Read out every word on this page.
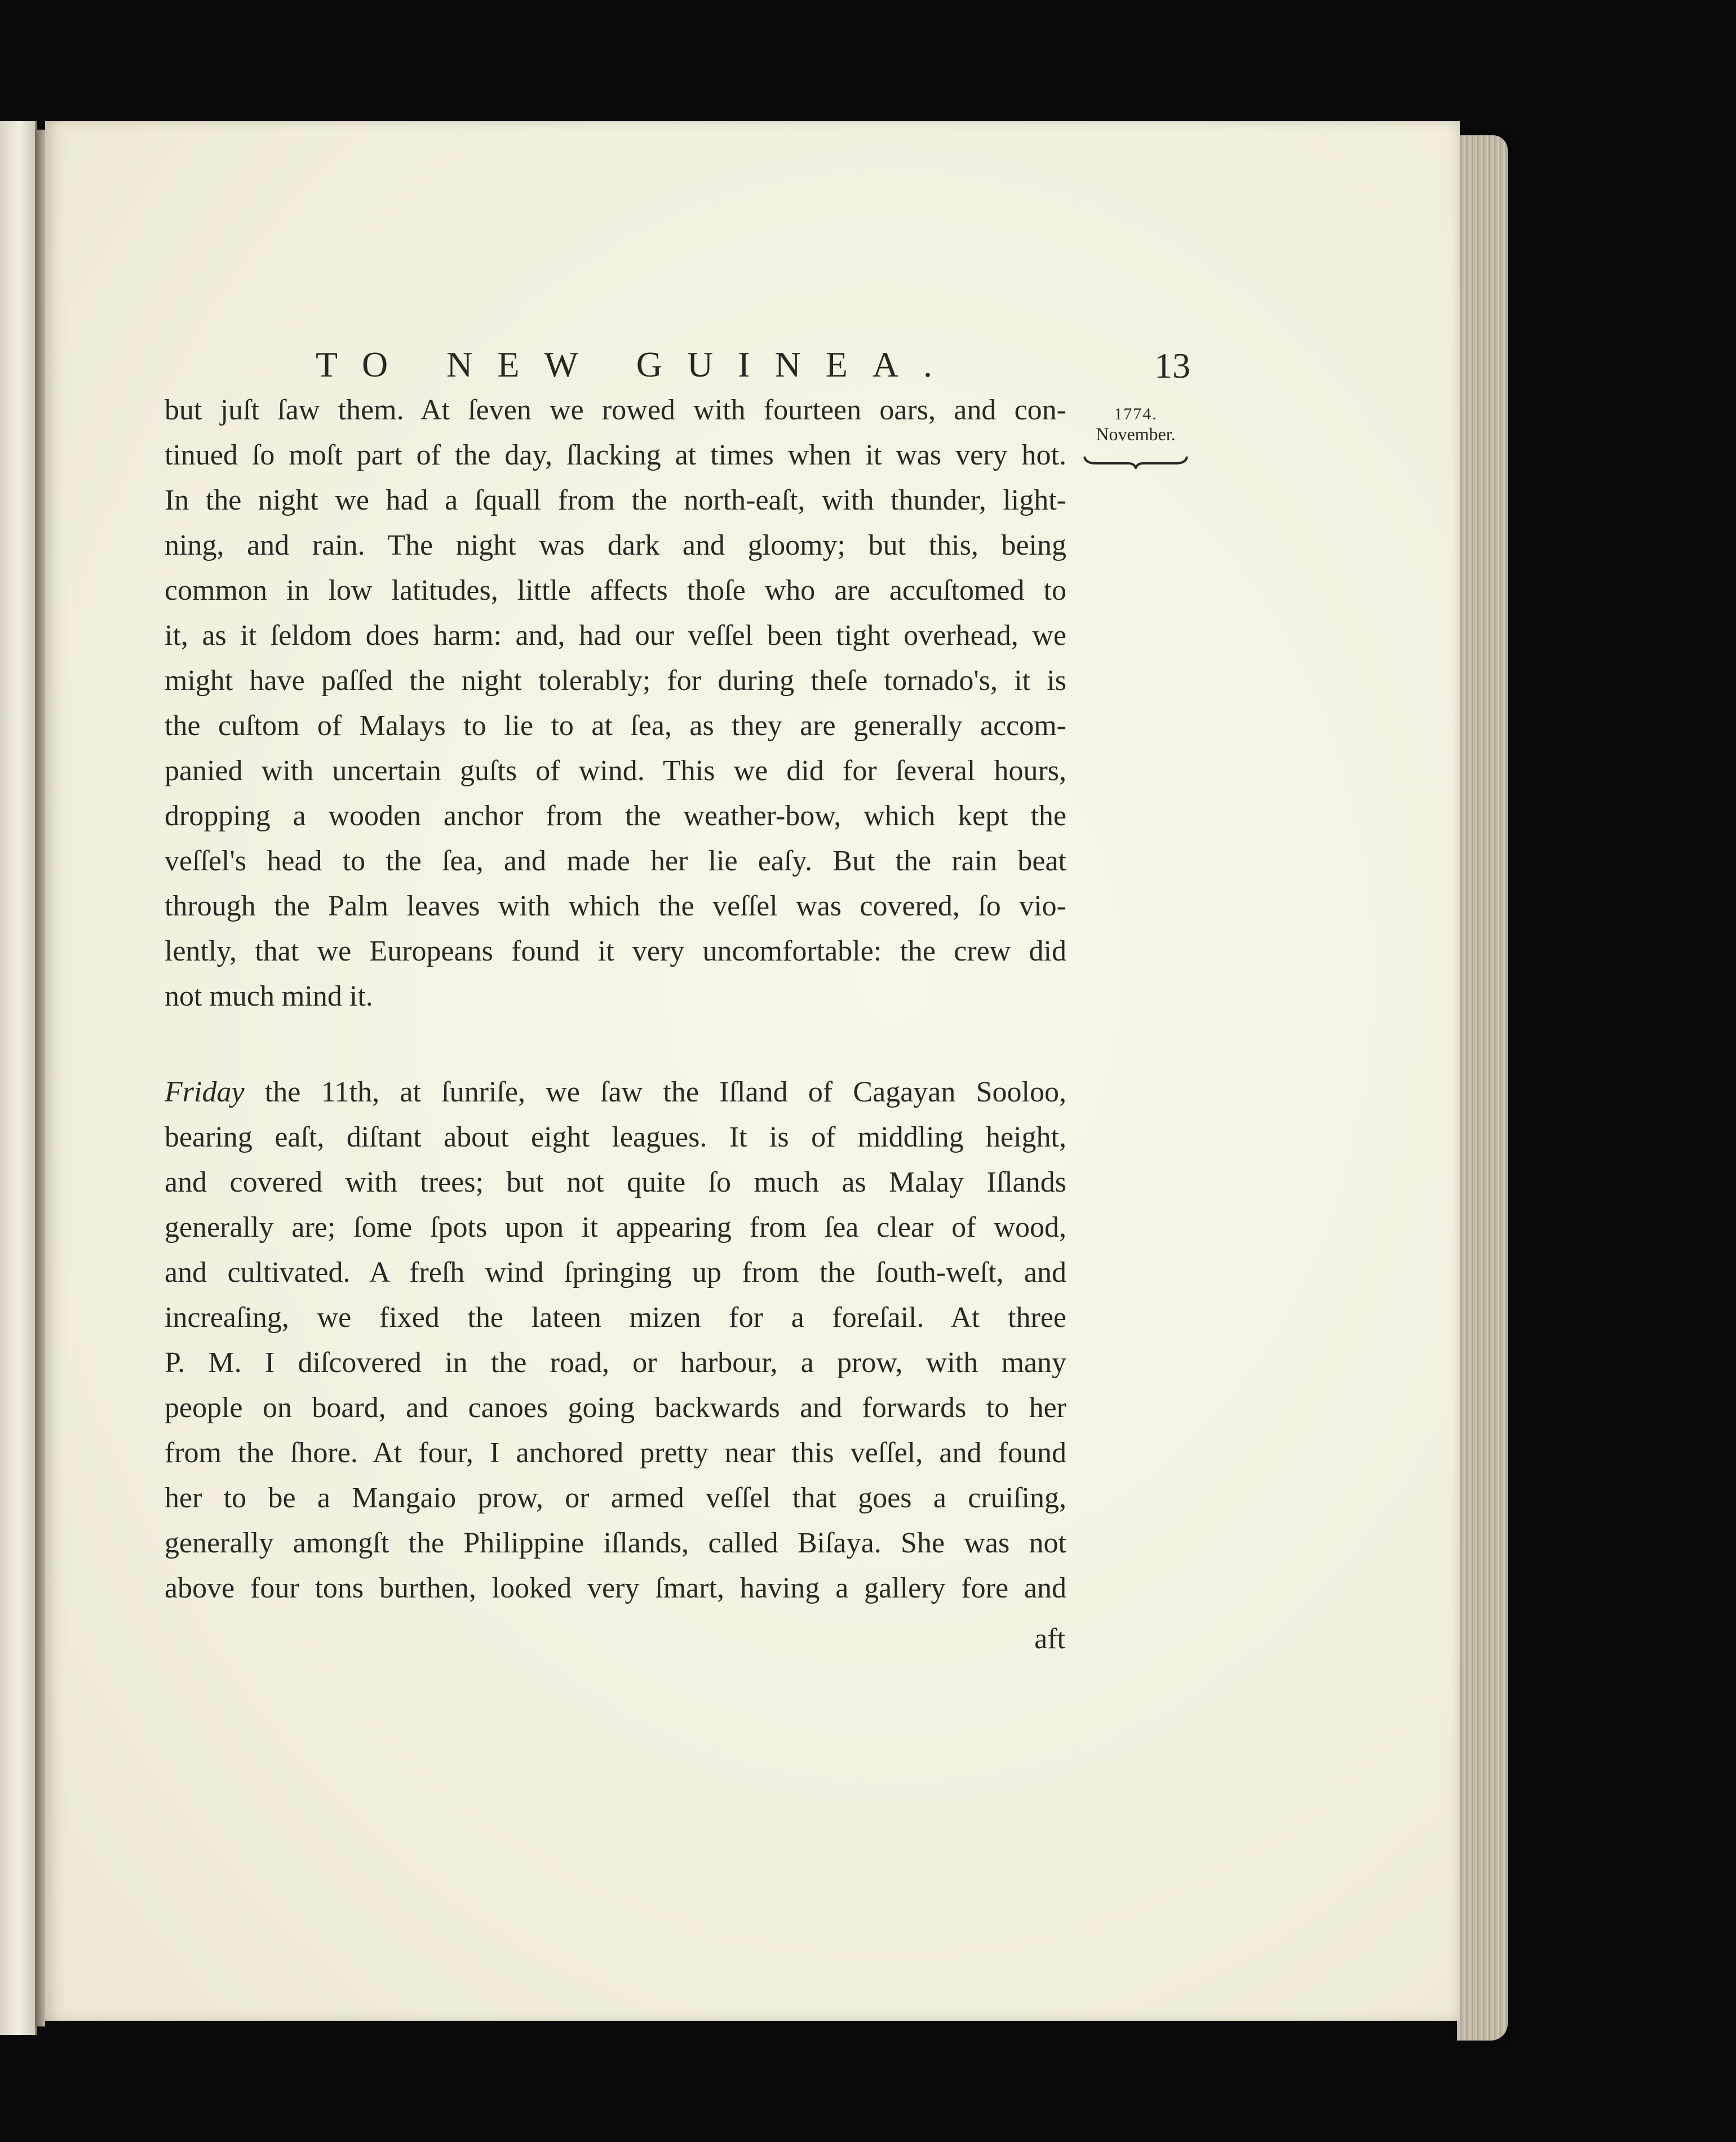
TO NEW GUINEA.	13
1774.
November.
but juſt ſaw them. At ſeven we rowed with fourteen oars, and con-
tinued ſo moſt part of the day, ſlacking at times when it was very hot.
In the night we had a ſquall from the north-eaſt, with thunder, light-
ning, and rain. The night was dark and gloomy; but this, being
common in low latitudes, little affects thoſe who are accuſtomed to
it, as it ſeldom does harm: and, had our veſſel been tight overhead, we
might have paſſed the night tolerably; for during theſe tornado's, it is
the cuſtom of Malays to lie to at ſea, as they are generally accom-
panied with uncertain guſts of wind. This we did for ſeveral hours,
dropping a wooden anchor from the weather-bow, which kept the
veſſel's head to the ſea, and made her lie eaſy. But the rain beat
through the Palm leaves with which the veſſel was covered, ſo vio-
lently, that we Europeans found it very uncomfortable: the crew did
not much mind it.
Friday the 11th, at ſunriſe, we ſaw the Iſland of Cagayan Sooloo,
bearing eaſt, diſtant about eight leagues. It is of middling height,
and covered with trees; but not quite ſo much as Malay Iſlands
generally are; ſome ſpots upon it appearing from ſea clear of wood,
and cultivated. A freſh wind ſpringing up from the ſouth-weſt, and
increaſing, we fixed the lateen mizen for a foreſail. At three
P. M. I diſcovered in the road, or harbour, a prow, with many
people on board, and canoes going backwards and forwards to her
from the ſhore. At four, I anchored pretty near this veſſel, and found
her to be a Mangaio prow, or armed veſſel that goes a cruiſing,
generally amongſt the Philippine iſlands, called Biſaya. She was not
above four tons burthen, looked very ſmart, having a gallery fore and
aft
